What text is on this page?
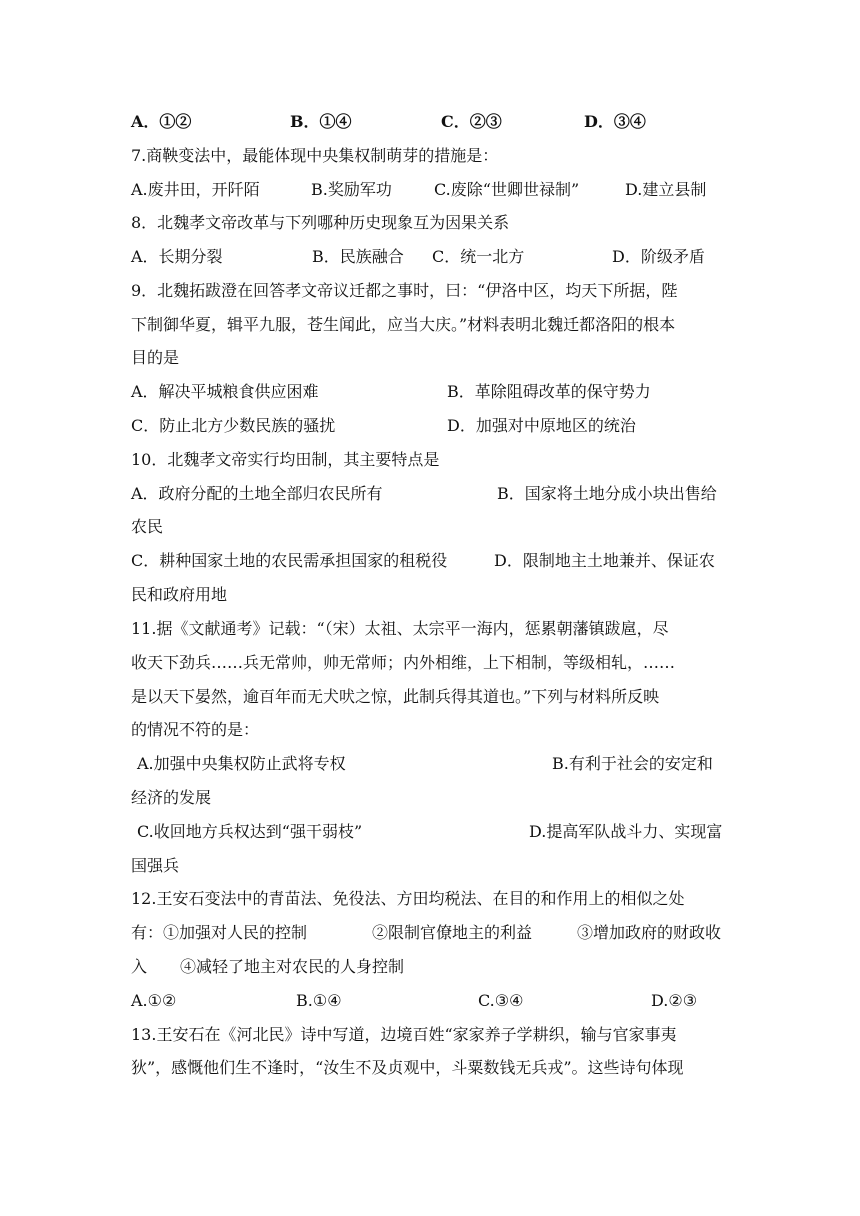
A．①②	B．①④	C．②③	D．③④
7.商鞅变法中，最能体现中央集权制萌芽的措施是：
A.废井田，开阡陌	B.奖励军功	C.废除“世卿世禄制”	D.建立县制
8．北魏孝文帝改革与下列哪种历史现象互为因果关系
A．长期分裂	B．民族融合 C．统一北方	D．阶级矛盾
9．北魏拓跋澄在回答孝文帝议迁都之事时，曰：“伊洛中区，均天下所据，陛
下制御华夏，辑平九服，苍生闻此，应当大庆。”材料表明北魏迁都洛阳的根本
目的是
A．解决平城粮食供应困难	B．革除阻碍改革的保守势力
C．防止北方少数民族的骚扰	D．加强对中原地区的统治
10．北魏孝文帝实行均田制，其主要特点是
A．政府分配的土地全部归农民所有	B．国家将土地分成小块出售给
农民
C．耕种国家土地的农民需承担国家的租税役	D．限制地主土地兼并、保证农
民和政府用地
11.据《文献通考》记载：“（宋）太祖、太宗平一海内，惩累朝藩镇跋扈，尽
收天下劲兵……兵无常帅，帅无常师；内外相维，上下相制，等级相轧，……
是以天下晏然，逾百年而无犬吠之惊，此制兵得其道也。”下列与材料所反映
的情况不符的是：
A.加强中央集权防止武将专权	B.有利于社会的安定和
经济的发展
C.收回地方兵权达到“强干弱枝”	D.提高军队战斗力、实现富
国强兵
12.王安石变法中的青苗法、免役法、方田均税法、在目的和作用上的相似之处
有：①加强对人民的控制	②限制官僚地主的利益	③增加政府的财政收
入 ④减轻了地主对农民的人身控制
A.①②	B.①④	C.③④	D.②③
13.王安石在《河北民》诗中写道，边境百姓“家家养子学耕织，输与官家事夷
狄”，感慨他们生不逢时，“汝生不及贞观中，斗粟数钱无兵戎”。这些诗句体现
